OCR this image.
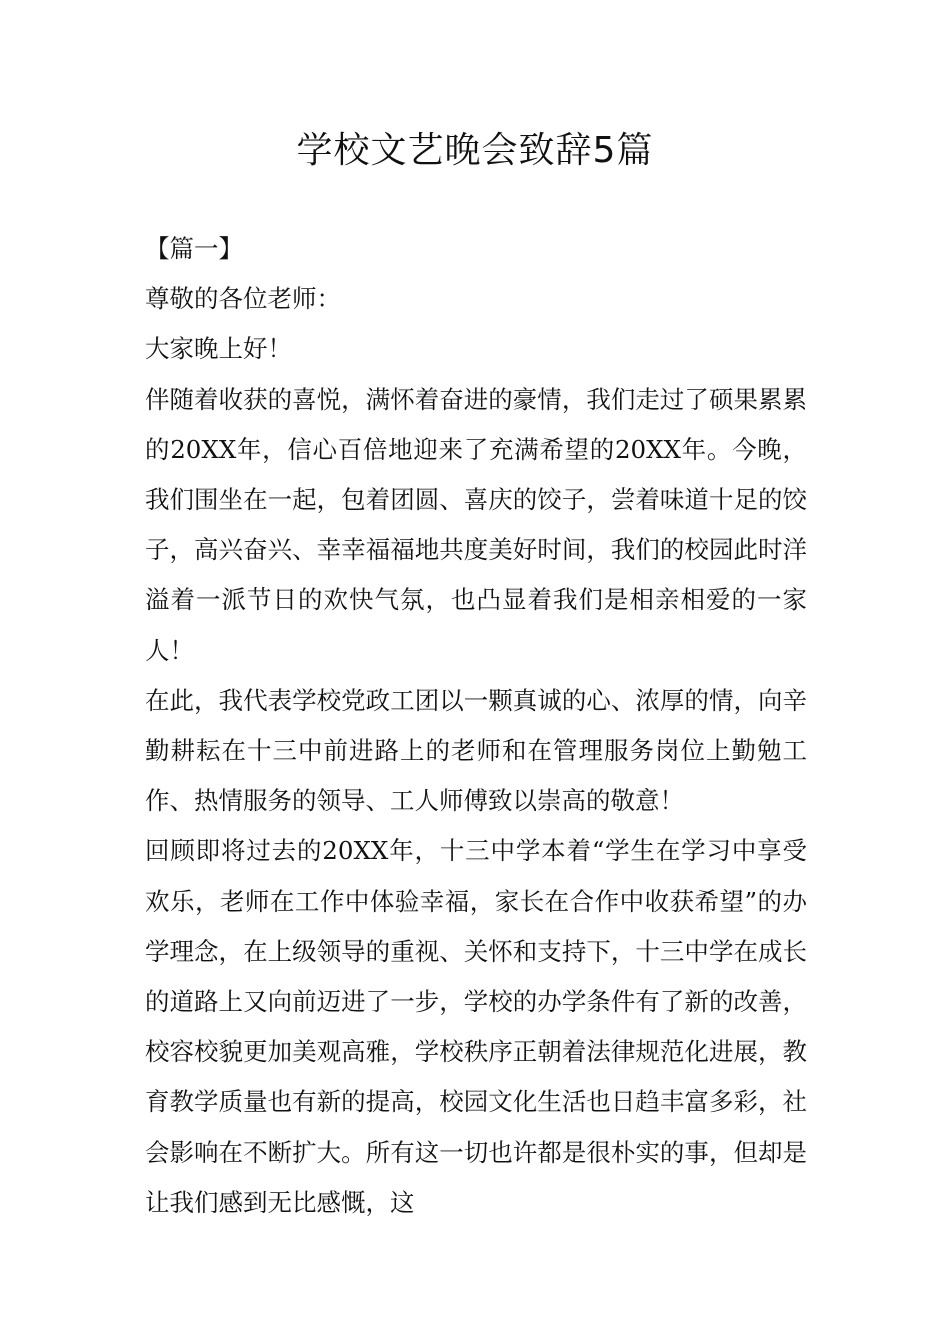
学校文艺晚会致辞5篇

【篇一】

尊敬的各位老师：

大家晚上好！

伴随着收获的喜悦，满怀着奋进的豪情，我们走过了硕果累累的20XX年，信心百倍地迎来了充满希望的20XX年。今晚，我们围坐在一起，包着团圆、喜庆的饺子，尝着味道十足的饺子，高兴奋兴、幸幸福福地共度美好时间，我们的校园此时洋溢着一派节日的欢快气氛，也凸显着我们是相亲相爱的一家人！

在此，我代表学校党政工团以一颗真诚的心、浓厚的情，向辛勤耕耘在十三中前进路上的老师和在管理服务岗位上勤勉工作、热情服务的领导、工人师傅致以崇高的敬意！

回顾即将过去的20XX年，十三中学本着“学生在学习中享受欢乐，老师在工作中体验幸福，家长在合作中收获希望”的办学理念，在上级领导的重视、关怀和支持下，十三中学在成长的道路上又向前迈进了一步，学校的办学条件有了新的改善，校容校貌更加美观高雅，学校秩序正朝着法律规范化进展，教育教学质量也有新的提高，校园文化生活也日趋丰富多彩，社会影响在不断扩大。所有这一切也许都是很朴实的事，但却是让我们感到无比感慨，这
